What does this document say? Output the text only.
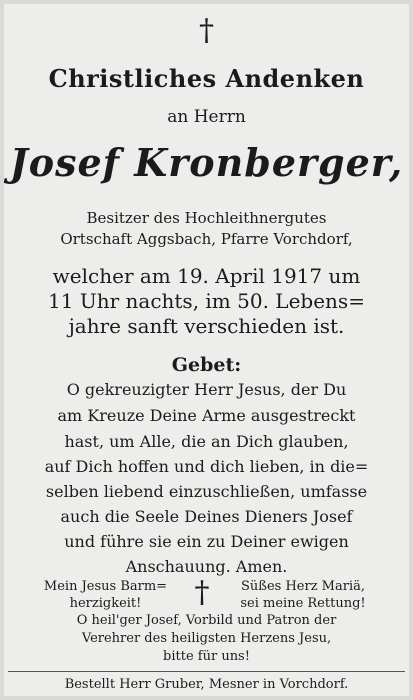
†
Christliches Andenken
an Herrn
Josef Kronberger,
Besitzer des Hochleithnergutes
Ortschaft Aggsbach, Pfarre Vorchdorf,
welcher am 19. April 1917 um
11 Uhr nachts, im 50. Lebens=
jahre sanft verschieden ist.
Gebet:
O gekreuzigter Herr Jesus, der Du
am Kreuze Deine Arme ausgestreckt
hast, um Alle, die an Dich glauben,
auf Dich hoffen und dich lieben, in die=
selben liebend einzuschließen, umfasse
auch die Seele Deines Dieners Josef
und führe sie ein zu Deiner ewigen
Anschauung. Amen.
Mein Jesus Barm=
herzigkeit!	†	Süßes Herz Mariä,
sei meine Rettung!
O heil'ger Josef, Vorbild und Patron der
Verehrer des heiligsten Herzens Jesu,
bitte für uns!
Bestellt Herr Gruber, Mesner in Vorchdorf.
